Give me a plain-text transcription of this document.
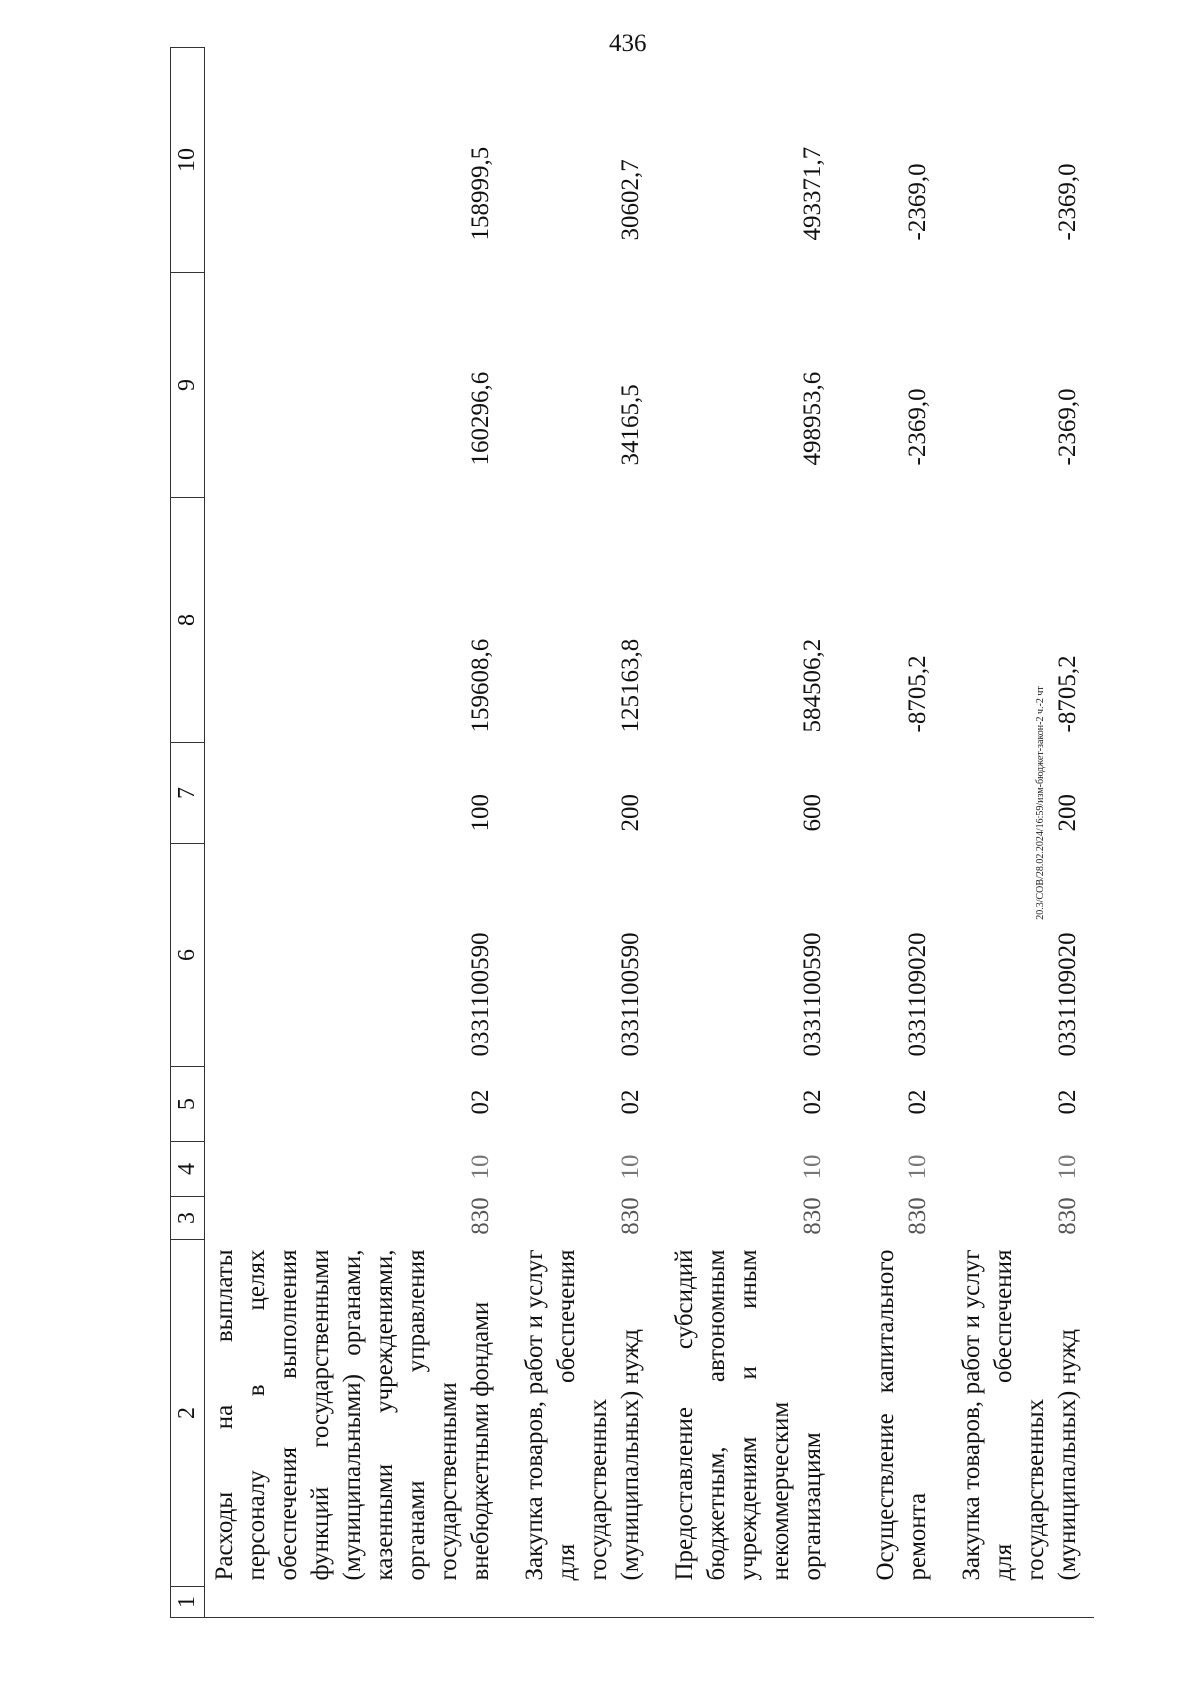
436
1	2	3	4	5	6	7	8	9	10
	Расходы на выплаты персоналу в целях обеспечения выполнения функций государственными (муниципальными) органами, казенными учреждениями, органами управления государственными внебюджетными фондами	830	10	02	0331100590	100	159608,6	160296,6	158999,5
	Закупка товаров, работ и услуг для обеспечения государственных (муниципальных) нужд	830	10	02	0331100590	200	125163,8	34165,5	30602,7
	Предоставление субсидий бюджетным, автономным учреждениям и иным некоммерческим организациям	830	10	02	0331100590	600	584506,2	498953,6	493371,7
	Осуществление капитального ремонта	830	10	02	0331109020		-8705,2	-2369,0	-2369,0
	Закупка товаров, работ и услуг для обеспечения государственных (муниципальных) нужд	830	10	02	0331109020	200	-8705,2	-2369,0	-2369,0
20.3/СОВ/28.02.2024/16:59/изм-бюджет-закон-2 ч.-2 чт
